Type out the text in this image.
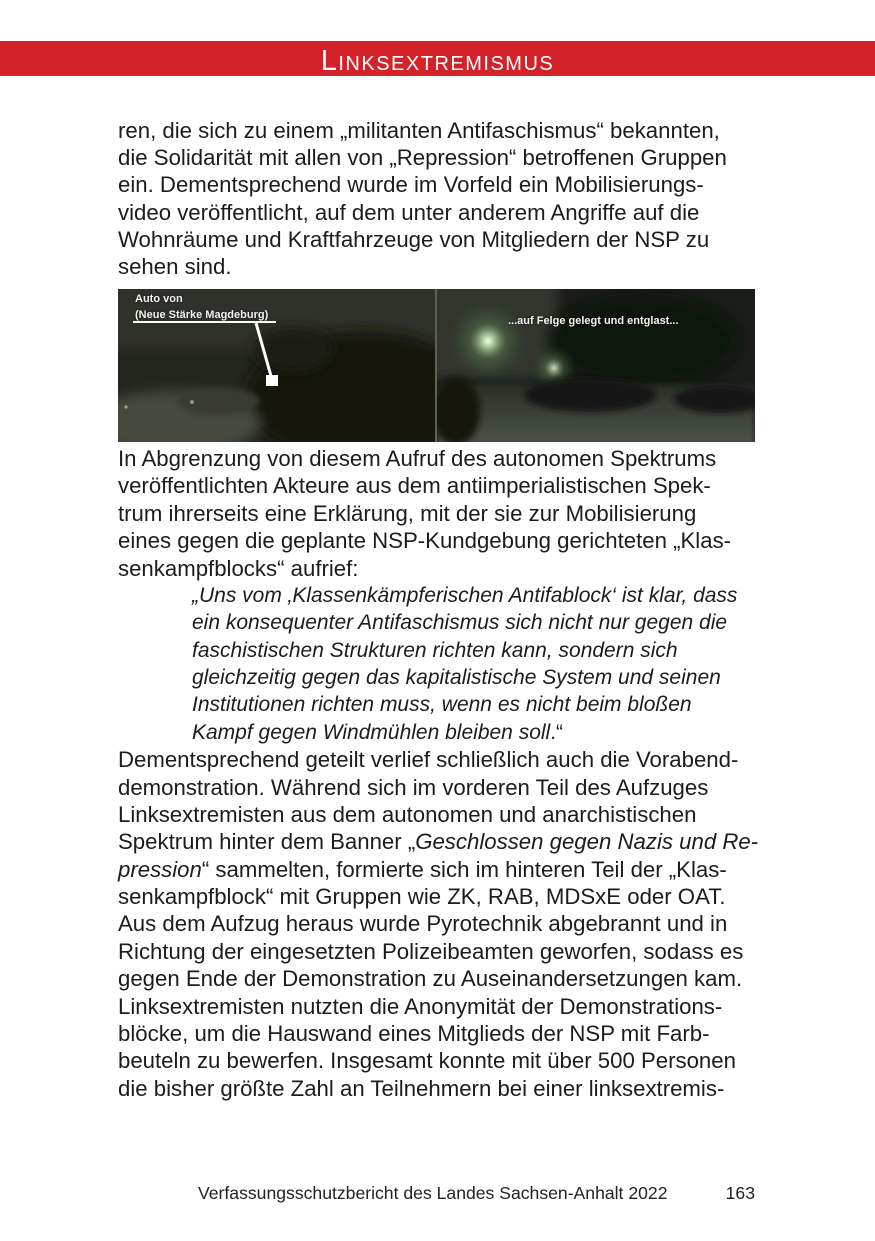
Linksextremismus
ren, die sich zu einem „militanten Antifaschismus“ bekannten,
die Solidarität mit allen von „Repression“ betroffenen Gruppen
ein. Dementsprechend wurde im Vorfeld ein Mobilisierungs-
video veröffentlicht, auf dem unter anderem Angriffe auf die
Wohnräume und Kraftfahrzeuge von Mitgliedern der NSP zu
sehen sind.
Auto von
(Neue Stärke Magdeburg)	...auf Felge gelegt und entglast...
In Abgrenzung von diesem Aufruf des autonomen Spektrums
veröffentlichten Akteure aus dem antiimperialistischen Spek-
trum ihrerseits eine Erklärung, mit der sie zur Mobilisierung
eines gegen die geplante NSP-Kundgebung gerichteten „Klas-
senkampfblocks“ aufrief:
„Uns vom ‚Klassenkämpferischen Antifablock‘ ist klar, dass
ein konsequenter Antifaschismus sich nicht nur gegen die
faschistischen Strukturen richten kann, sondern sich
gleichzeitig gegen das kapitalistische System und seinen
Institutionen richten muss, wenn es nicht beim bloßen
Kampf gegen Windmühlen bleiben soll.“
Dementsprechend geteilt verlief schließlich auch die Vorabend-
demonstration. Während sich im vorderen Teil des Aufzuges
Linksextremisten aus dem autonomen und anarchistischen
Spektrum hinter dem Banner „Geschlossen gegen Nazis und Re-
pression“ sammelten, formierte sich im hinteren Teil der „Klas-
senkampfblock“ mit Gruppen wie ZK, RAB, MDSxE oder OAT.
Aus dem Aufzug heraus wurde Pyrotechnik abgebrannt und in
Richtung der eingesetzten Polizeibeamten geworfen, sodass es
gegen Ende der Demonstration zu Auseinandersetzungen kam.
Linksextremisten nutzten die Anonymität der Demonstrations-
blöcke, um die Hauswand eines Mitglieds der NSP mit Farb-
beuteln zu bewerfen. Insgesamt konnte mit über 500 Personen
die bisher größte Zahl an Teilnehmern bei einer linksextremis-
Verfassungsschutzbericht des Landes Sachsen-Anhalt 2022	163
